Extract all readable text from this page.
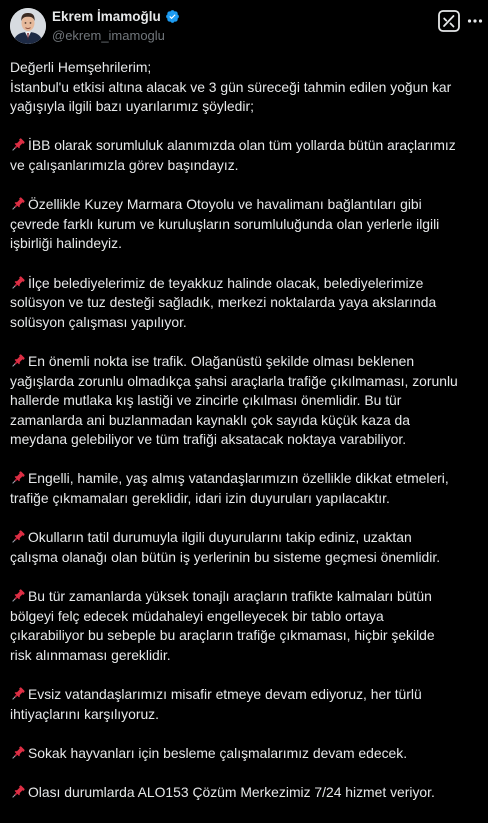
Ekrem İmamoğlu
@ekrem_imamoglu
Değerli Hemşehrilerim;
İstanbul'u etkisi altına alacak ve 3 gün süreceği tahmin edilen yoğun kar
yağışıyla ilgili bazı uyarılarımız şöyledir;
İBB olarak sorumluluk alanımızda olan tüm yollarda bütün araçlarımız
ve çalışanlarımızla görev başındayız.
Özellikle Kuzey Marmara Otoyolu ve havalimanı bağlantıları gibi
çevrede farklı kurum ve kuruluşların sorumluluğunda olan yerlerle ilgili
işbirliği halindeyiz.
İlçe belediyelerimiz de teyakkuz halinde olacak, belediyelerimize
solüsyon ve tuz desteği sağladık, merkezi noktalarda yaya akslarında
solüsyon çalışması yapılıyor.
En önemli nokta ise trafik. Olağanüstü şekilde olması beklenen
yağışlarda zorunlu olmadıkça şahsi araçlarla trafiğe çıkılmaması, zorunlu
hallerde mutlaka kış lastiği ve zincirle çıkılması önemlidir. Bu tür
zamanlarda ani buzlanmadan kaynaklı çok sayıda küçük kaza da
meydana gelebiliyor ve tüm trafiği aksatacak noktaya varabiliyor.
Engelli, hamile, yaş almış vatandaşlarımızın özellikle dikkat etmeleri,
trafiğe çıkmamaları gereklidir, idari izin duyuruları yapılacaktır.
Okulların tatil durumuyla ilgili duyurularını takip ediniz, uzaktan
çalışma olanağı olan bütün iş yerlerinin bu sisteme geçmesi önemlidir.
Bu tür zamanlarda yüksek tonajlı araçların trafikte kalmaları bütün
bölgeyi felç edecek müdahaleyi engelleyecek bir tablo ortaya
çıkarabiliyor bu sebeple bu araçların trafiğe çıkmaması, hiçbir şekilde
risk alınmaması gereklidir.
Evsiz vatandaşlarımızı misafir etmeye devam ediyoruz, her türlü
ihtiyaçlarını karşılıyoruz.
Sokak hayvanları için besleme çalışmalarımız devam edecek.
Olası durumlarda ALO153 Çözüm Merkezimiz 7/24 hizmet veriyor.
